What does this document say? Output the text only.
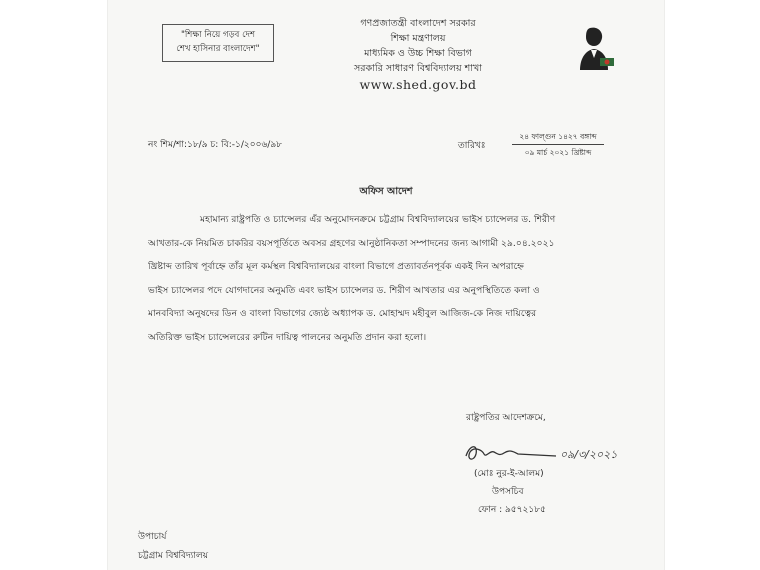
"শিক্ষা নিয়ে গড়ব দেশ
শেখ হাসিনার বাংলাদেশ"
গণপ্রজাতন্ত্রী বাংলাদেশ সরকার
শিক্ষা মন্ত্রণালয়
মাধ্যমিক ও উচ্চ শিক্ষা বিভাগ
সরকারি সাধারণ বিশ্ববিদ্যালয় শাখা
www.shed.gov.bd
নং শিম/শা:১৮/৯ চ: বি:-১/২০০৬/৯৮	তারিখঃ
২৪ ফাল্গুন ১৪২৭ বঙ্গাব্দ
০৯ মার্চ ২০২১ খ্রিষ্টাব্দ
অফিস আদেশ
মহামান্য রাষ্ট্রপতি ও চ্যান্সেলর এঁর অনুমোদনক্রমে চট্টগ্রাম বিশ্ববিদ্যালয়ের ভাইস চ্যান্সেলর ড. শিরীণ
আখতার-কে নিয়মিত চাকরির বয়সপূর্তিতে অবসর গ্রহণের আনুষ্ঠানিকতা সম্পাদনের জন্য আগামী ২৯.০৪.২০২১
খ্রিষ্টাব্দ তারিখ পূর্বাহ্নে তাঁর মূল কর্মস্থল বিশ্ববিদ্যালয়ের বাংলা বিভাগে প্রত্যাবর্তনপূর্বক একই দিন অপরাহ্নে
ভাইস চ্যান্সেলর পদে যোগদানের অনুমতি এবং ভাইস চ্যান্সেলর ড. শিরীণ আখতার এর অনুপস্থিতিতে কলা ও
মানববিদ্যা অনুষদের ডিন ও বাংলা বিভাগের জ্যেষ্ঠ অধ্যাপক ড. মোহাম্মদ মহীবুল আজিজ-কে নিজ দায়িত্বের
অতিরিক্ত ভাইস চ্যান্সেলরের রুটিন দায়িত্ব পালনের অনুমতি প্রদান করা হলো।
রাষ্ট্রপতির আদেশক্রমে,
০৯/৩/২০২১
(মোঃ নুর-ই-আলম)
উপসচিব
ফোন : ৯৫৭২১৮৫
উপাচার্য
চট্টগ্রাম বিশ্ববিদ্যালয়
